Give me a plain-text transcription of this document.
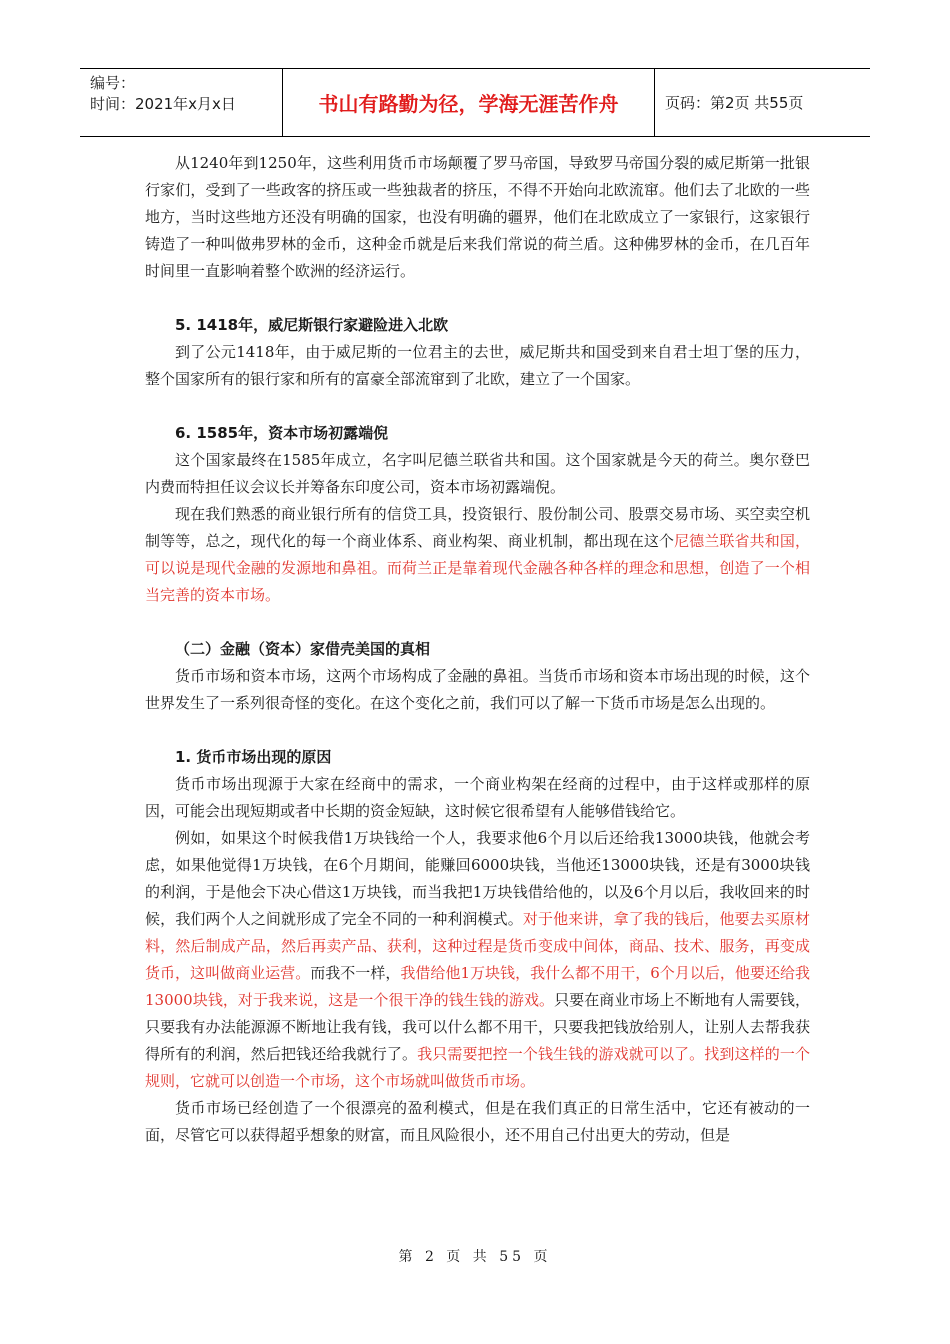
编号：
时间：2021年x月x日	书山有路勤为径，学海无涯苦作舟	页码：第2页 共55页

从1240年到1250年，这些利用货币市场颠覆了罗马帝国，导致罗马帝国分裂的威尼斯第一批银行家们，受到了一些政客的挤压或一些独裁者的挤压，不得不开始向北欧流窜。他们去了北欧的一些地方，当时这些地方还没有明确的国家，也没有明确的疆界，他们在北欧成立了一家银行，这家银行铸造了一种叫做弗罗林的金币，这种金币就是后来我们常说的荷兰盾。这种佛罗林的金币，在几百年时间里一直影响着整个欧洲的经济运行。

5. 1418年，威尼斯银行家避险进入北欧

到了公元1418年，由于威尼斯的一位君主的去世，威尼斯共和国受到来自君士坦丁堡的压力，整个国家所有的银行家和所有的富豪全部流窜到了北欧，建立了一个国家。

6. 1585年，资本市场初露端倪

这个国家最终在1585年成立，名字叫尼德兰联省共和国。这个国家就是今天的荷兰。奥尔登巴内费而特担任议会议长并筹备东印度公司，资本市场初露端倪。

现在我们熟悉的商业银行所有的信贷工具，投资银行、股份制公司、股票交易市场、买空卖空机制等等，总之，现代化的每一个商业体系、商业构架、商业机制，都出现在这个尼德兰联省共和国，可以说是现代金融的发源地和鼻祖。而荷兰正是靠着现代金融各种各样的理念和思想，创造了一个相当完善的资本市场。

（二）金融（资本）家借壳美国的真相

货币市场和资本市场，这两个市场构成了金融的鼻祖。当货币市场和资本市场出现的时候，这个世界发生了一系列很奇怪的变化。在这个变化之前，我们可以了解一下货币市场是怎么出现的。

1. 货币市场出现的原因

货币市场出现源于大家在经商中的需求，一个商业构架在经商的过程中，由于这样或那样的原因，可能会出现短期或者中长期的资金短缺，这时候它很希望有人能够借钱给它。

例如，如果这个时候我借1万块钱给一个人，我要求他6个月以后还给我13000块钱，他就会考虑，如果他觉得1万块钱，在6个月期间，能赚回6000块钱，当他还13000块钱，还是有3000块钱的利润，于是他会下决心借这1万块钱，而当我把1万块钱借给他的，以及6个月以后，我收回来的时候，我们两个人之间就形成了完全不同的一种利润模式。对于他来讲，拿了我的钱后，他要去买原材料，然后制成产品，然后再卖产品、获利，这种过程是货币变成中间体，商品、技术、服务，再变成货币，这叫做商业运营。而我不一样，我借给他1万块钱，我什么都不用干，6个月以后，他要还给我13000块钱，对于我来说，这是一个很干净的钱生钱的游戏。只要在商业市场上不断地有人需要钱，只要我有办法能源源不断地让我有钱，我可以什么都不用干，只要我把钱放给别人，让别人去帮我获得所有的利润，然后把钱还给我就行了。我只需要把控一个钱生钱的游戏就可以了。找到这样的一个规则，它就可以创造一个市场，这个市场就叫做货币市场。

货币市场已经创造了一个很漂亮的盈利模式，但是在我们真正的日常生活中，它还有被动的一面，尽管它可以获得超乎想象的财富，而且风险很小，还不用自己付出更大的劳动，但是

第 2 页 共 55 页
